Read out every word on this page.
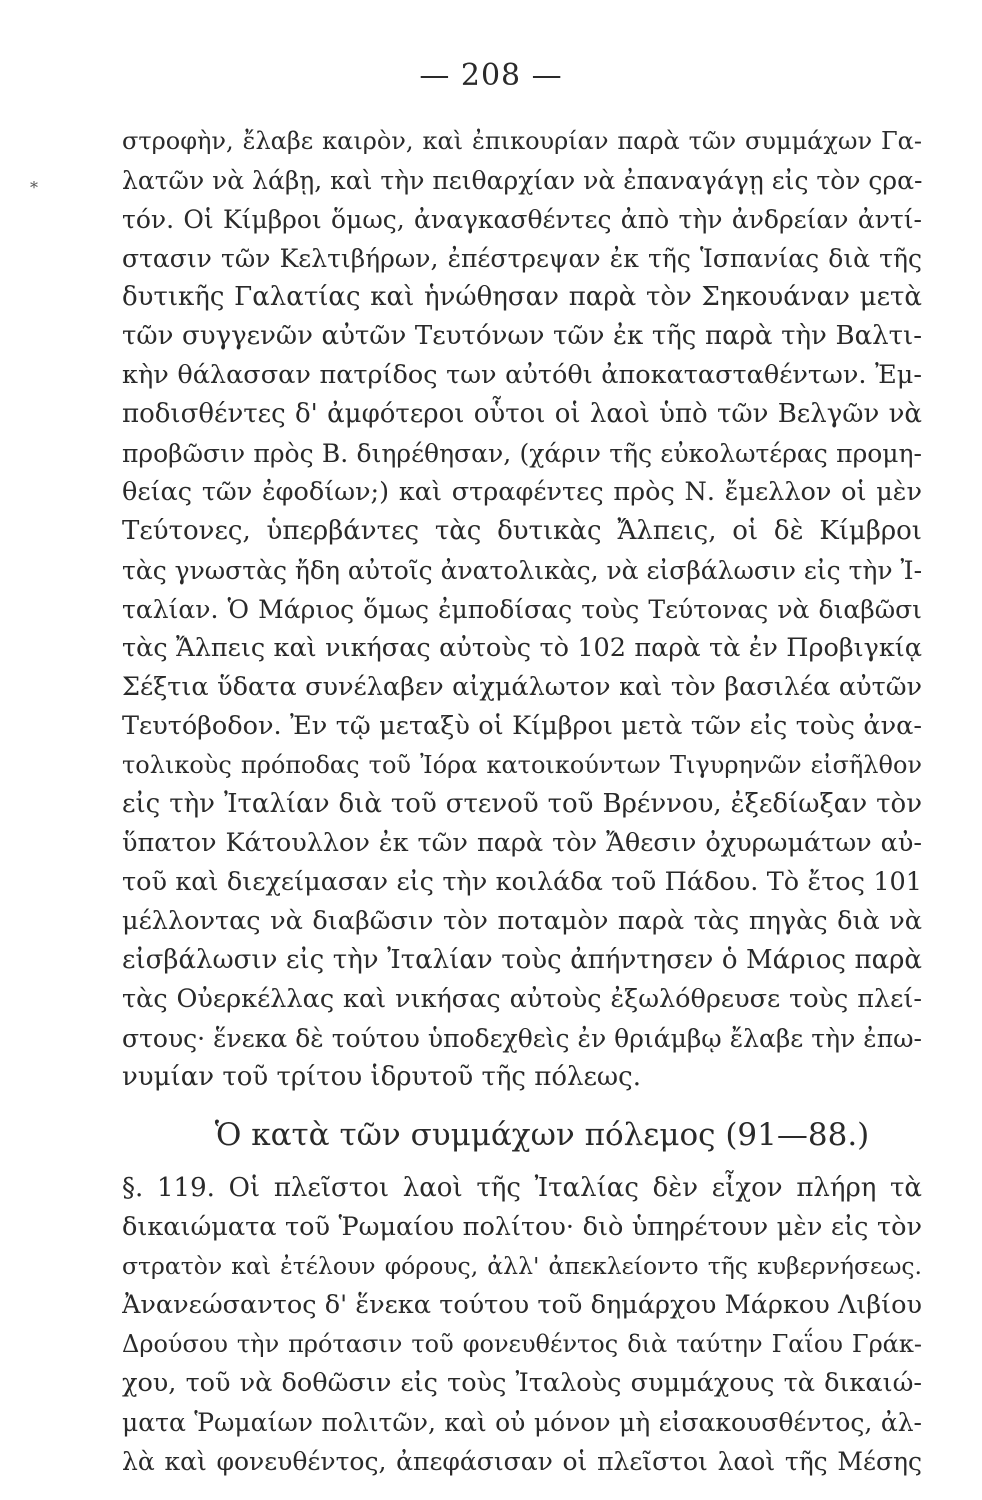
— 208 —
*
στροφὴν, ἔλαβε καιρὸν, καὶ ἐπικουρίαν παρὰ τῶν συμμάχων Γα-
λατῶν νὰ λάβῃ, καὶ τὴν πειθαρχίαν νὰ ἐπαναγάγῃ εἰς τὸν ςρα-
τόν. Οἱ Κίμβροι ὅμως, ἀναγκασθέντες ἀπὸ τὴν ἀνδρείαν ἀντί-
στασιν τῶν Κελτιβήρων, ἐπέστρεψαν ἐκ τῆς Ἱσπανίας διὰ τῆς
δυτικῆς Γαλατίας καὶ ἡνώθησαν παρὰ τὸν Σηκουάναν μετὰ
τῶν συγγενῶν αὐτῶν Τευτόνων τῶν ἐκ τῆς παρὰ τὴν Βαλτι-
κὴν θάλασσαν πατρίδος των αὐτόθι ἀποκατασταθέντων. Ἐμ-
ποδισθέντες δ' ἀμφότεροι οὗτοι οἱ λαοὶ ὑπὸ τῶν Βελγῶν νὰ
προβῶσιν πρὸς Β. διηρέθησαν, (χάριν τῆς εὐκολωτέρας προμη-
θείας τῶν ἐφοδίων;) καὶ στραφέντες πρὸς Ν. ἔμελλον οἱ μὲν
Τεύτονες, ὑπερβάντες τὰς δυτικὰς Ἄλπεις, οἱ δὲ Κίμβροι
τὰς γνωστὰς ἤδη αὐτοῖς ἀνατολικὰς, νὰ εἰσβάλωσιν εἰς τὴν Ἰ-
ταλίαν. Ὁ Μάριος ὅμως ἐμποδίσας τοὺς Τεύτονας νὰ διαβῶσι
τὰς Ἄλπεις καὶ νικήσας αὐτοὺς τὸ 102 παρὰ τὰ ἐν Προβιγκίᾳ
Σέξτια ὕδατα συνέλαβεν αἰχμάλωτον καὶ τὸν βασιλέα αὐτῶν
Τευτόβοδον. Ἐν τῷ μεταξὺ οἱ Κίμβροι μετὰ τῶν εἰς τοὺς ἀνα-
τολικοὺς πρόποδας τοῦ Ἰόρα κατοικούντων Τιγυρηνῶν εἰσῆλθον
εἰς τὴν Ἰταλίαν διὰ τοῦ στενοῦ τοῦ Βρέννου, ἐξεδίωξαν τὸν
ὕπατον Κάτουλλον ἐκ τῶν παρὰ τὸν Ἄθεσιν ὀχυρωμάτων αὐ-
τοῦ καὶ διεχείμασαν εἰς τὴν κοιλάδα τοῦ Πάδου. Τὸ ἔτος 101
μέλλοντας νὰ διαβῶσιν τὸν ποταμὸν παρὰ τὰς πηγὰς διὰ νὰ
εἰσβάλωσιν εἰς τὴν Ἰταλίαν τοὺς ἀπήντησεν ὁ Μάριος παρὰ
τὰς Οὐερκέλλας καὶ νικήσας αὐτοὺς ἐξωλόθρευσε τοὺς πλεί-
στους· ἕνεκα δὲ τούτου ὑποδεχθεὶς ἐν θριάμβῳ ἔλαβε τὴν ἐπω-
νυμίαν τοῦ τρίτου ἱδρυτοῦ τῆς πόλεως.
Ὁ κατὰ τῶν συμμάχων πόλεμος (91—88.)
§. 119. Οἱ πλεῖστοι λαοὶ τῆς Ἰταλίας δὲν εἶχον πλήρη τὰ
δικαιώματα τοῦ Ῥωμαίου πολίτου· διὸ ὑπηρέτουν μὲν εἰς τὸν
στρατὸν καὶ ἐτέλουν φόρους, ἀλλ' ἀπεκλείοντο τῆς κυβερνήσεως.
Ἀνανεώσαντος δ' ἕνεκα τούτου τοῦ δημάρχου Μάρκου Λιβίου
Δρούσου τὴν πρότασιν τοῦ φονευθέντος διὰ ταύτην Γαΐου Γράκ-
χου, τοῦ νὰ δοθῶσιν εἰς τοὺς Ἰταλοὺς συμμάχους τὰ δικαιώ-
ματα Ῥωμαίων πολιτῶν, καὶ οὐ μόνον μὴ εἰσακουσθέντος, ἀλ-
λὰ καὶ φονευθέντος, ἀπεφάσισαν οἱ πλεῖστοι λαοὶ τῆς Μέσης
